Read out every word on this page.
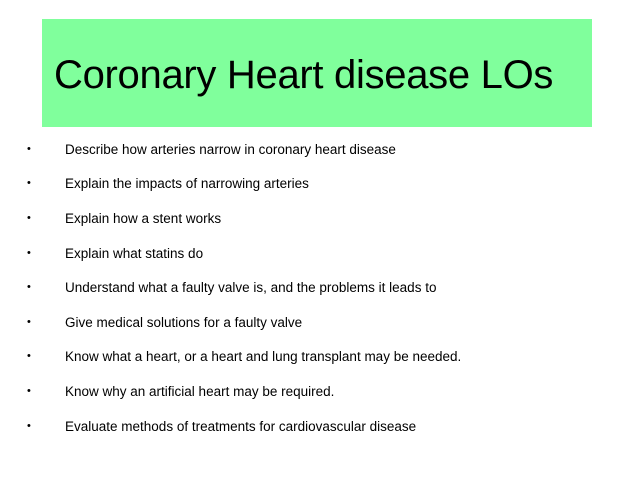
Coronary Heart disease LOs
•	Describe how arteries narrow in coronary heart disease
•	Explain the impacts of narrowing arteries
•	Explain how a stent works
•	Explain what statins do
•	Understand what a faulty valve is, and the problems it leads to
•	Give medical solutions for a faulty valve
•	Know what a heart, or a heart and lung transplant may be needed.
•	Know why an artificial heart may be required.
•	Evaluate methods of treatments for cardiovascular disease
